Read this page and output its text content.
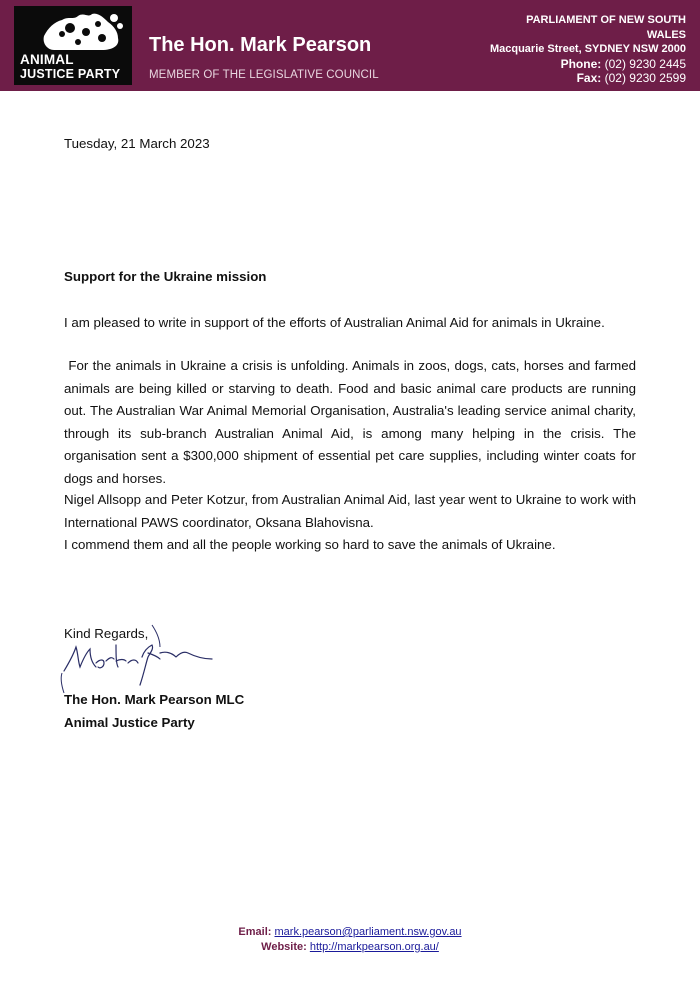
ANIMAL
JUSTICE PARTY
The Hon. Mark Pearson
MEMBER OF THE LEGISLATIVE COUNCIL
PARLIAMENT OF NEW SOUTH
WALES
Macquarie Street, SYDNEY NSW 2000
Phone: (02) 9230 2445
Fax: (02) 9230 2599
Tuesday, 21 March 2023
Support for the Ukraine mission
I am pleased to write in support of the efforts of Australian Animal Aid for animals in Ukraine.
For the animals in Ukraine a crisis is unfolding. Animals in zoos, dogs, cats, horses and farmed animals are being killed or starving to death. Food and basic animal care products are running out. The Australian War Animal Memorial Organisation, Australia's leading service animal charity, through its sub-branch Australian Animal Aid, is among many helping in the crisis. The organisation sent a $300,000 shipment of essential pet care supplies, including winter coats for dogs and horses.
Nigel Allsopp and Peter Kotzur, from Australian Animal Aid, last year went to Ukraine to work with International PAWS coordinator, Oksana Blahovisna.
I commend them and all the people working so hard to save the animals of Ukraine.
Kind Regards,
The Hon. Mark Pearson MLC
Animal Justice Party
Email: mark.pearson@parliament.nsw.gov.au
Website: http://markpearson.org.au/
